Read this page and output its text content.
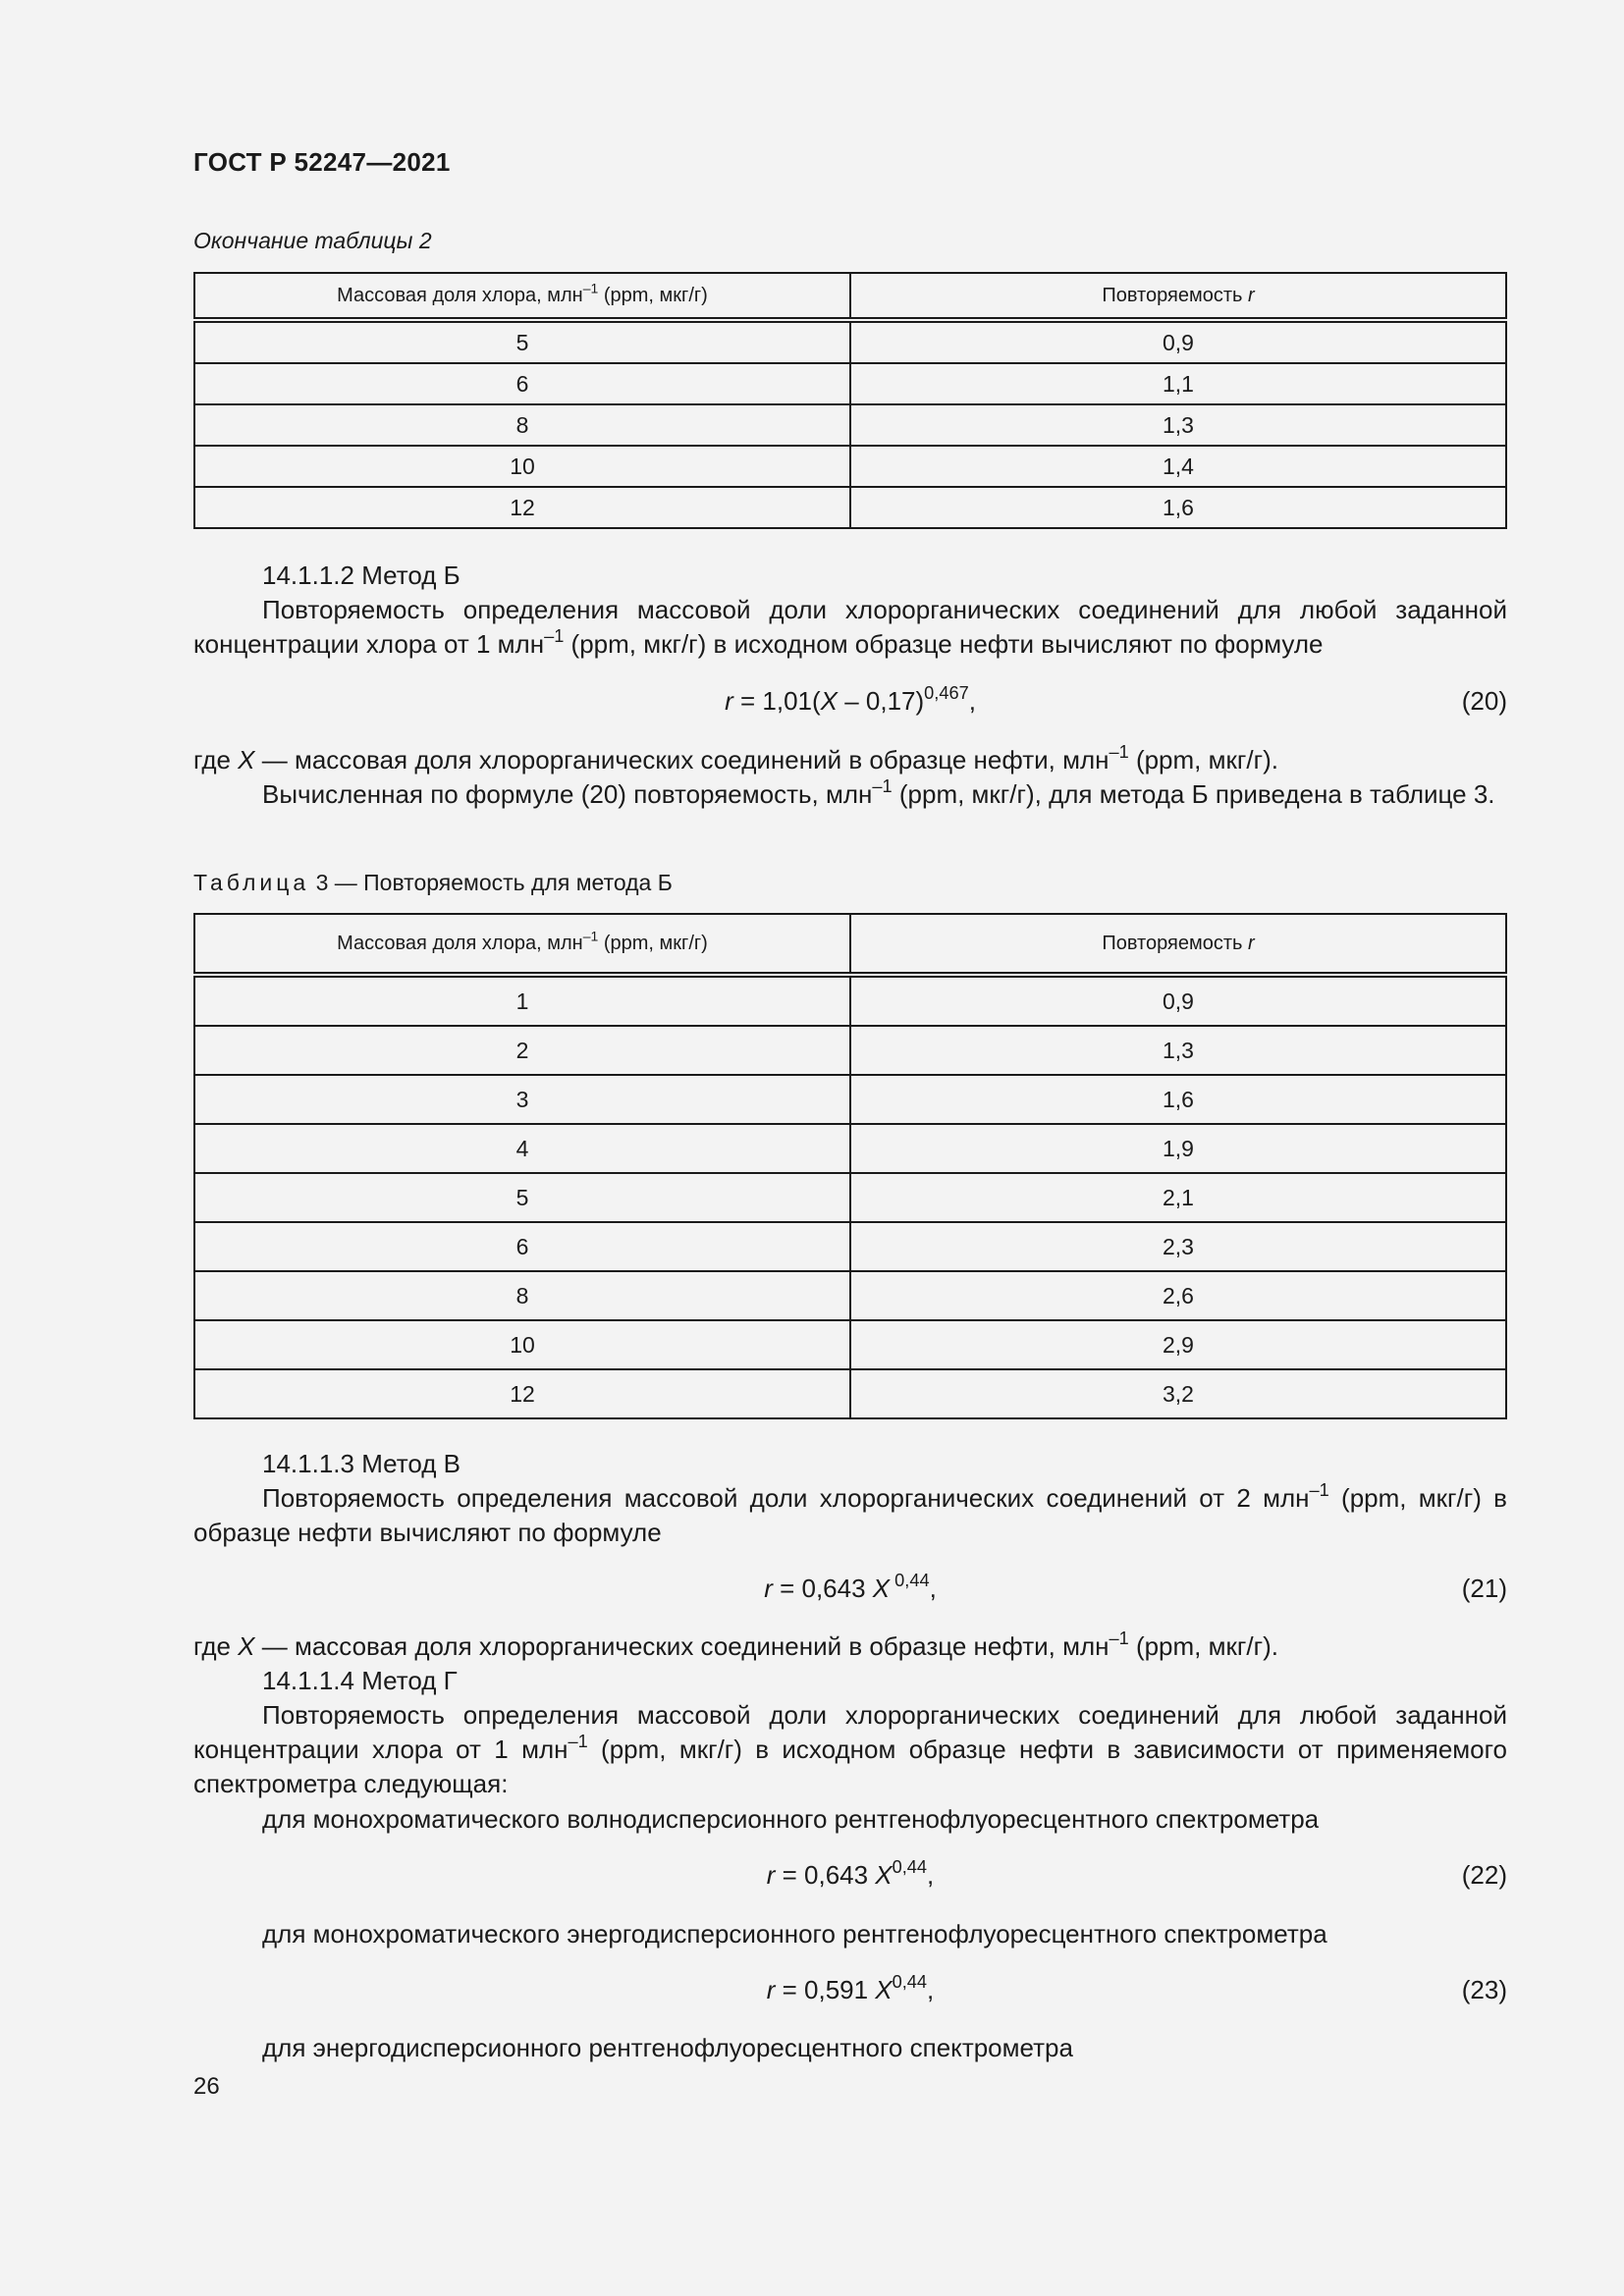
ГОСТ Р 52247—2021
Окончание таблицы 2
Массовая доля хлора, млн$^{-1}$ (ppm, мкг/г)	Повторяемость r
5	0,9
6	1,1
8	1,3
10	1,4
12	1,6
14.1.1.2 Метод Б
Повторяемость определения массовой доли хлорорганических соединений для любой заданной концентрации хлора от 1 млн$^{-1}$ (ppm, мкг/г) в исходном образце нефти вычисляют по формуле
r = 1,01(X – 0,17)$^{0,467}$,	(20)
где X — массовая доля хлорорганических соединений в образце нефти, млн$^{-1}$ (ppm, мкг/г).
Вычисленная по формуле (20) повторяемость, млн$^{-1}$ (ppm, мкг/г), для метода Б приведена в таблице 3.
Таблица 3 — Повторяемость для метода Б
Массовая доля хлора, млн$^{-1}$ (ppm, мкг/г)	Повторяемость r
1	0,9
2	1,3
3	1,6
4	1,9
5	2,1
6	2,3
8	2,6
10	2,9
12	3,2
14.1.1.3 Метод В
Повторяемость определения массовой доли хлорорганических соединений от 2 млн$^{-1}$ (ppm, мкг/г) в образце нефти вычисляют по формуле
r = 0,643 X $^{0,44}$,	(21)
где X — массовая доля хлорорганических соединений в образце нефти, млн$^{-1}$ (ppm, мкг/г).
14.1.1.4 Метод Г
Повторяемость определения массовой доли хлорорганических соединений для любой заданной концентрации хлора от 1 млн$^{-1}$ (ppm, мкг/г) в исходном образце нефти в зависимости от применяемого спектрометра следующая:
для монохроматического волнодисперсионного рентгенофлуоресцентного спектрометра
r = 0,643 X$^{0,44}$,	(22)
для монохроматического энергодисперсионного рентгенофлуоресцентного спектрометра
r = 0,591 X$^{0,44}$,	(23)
для энергодисперсионного рентгенофлуоресцентного спектрометра
26
